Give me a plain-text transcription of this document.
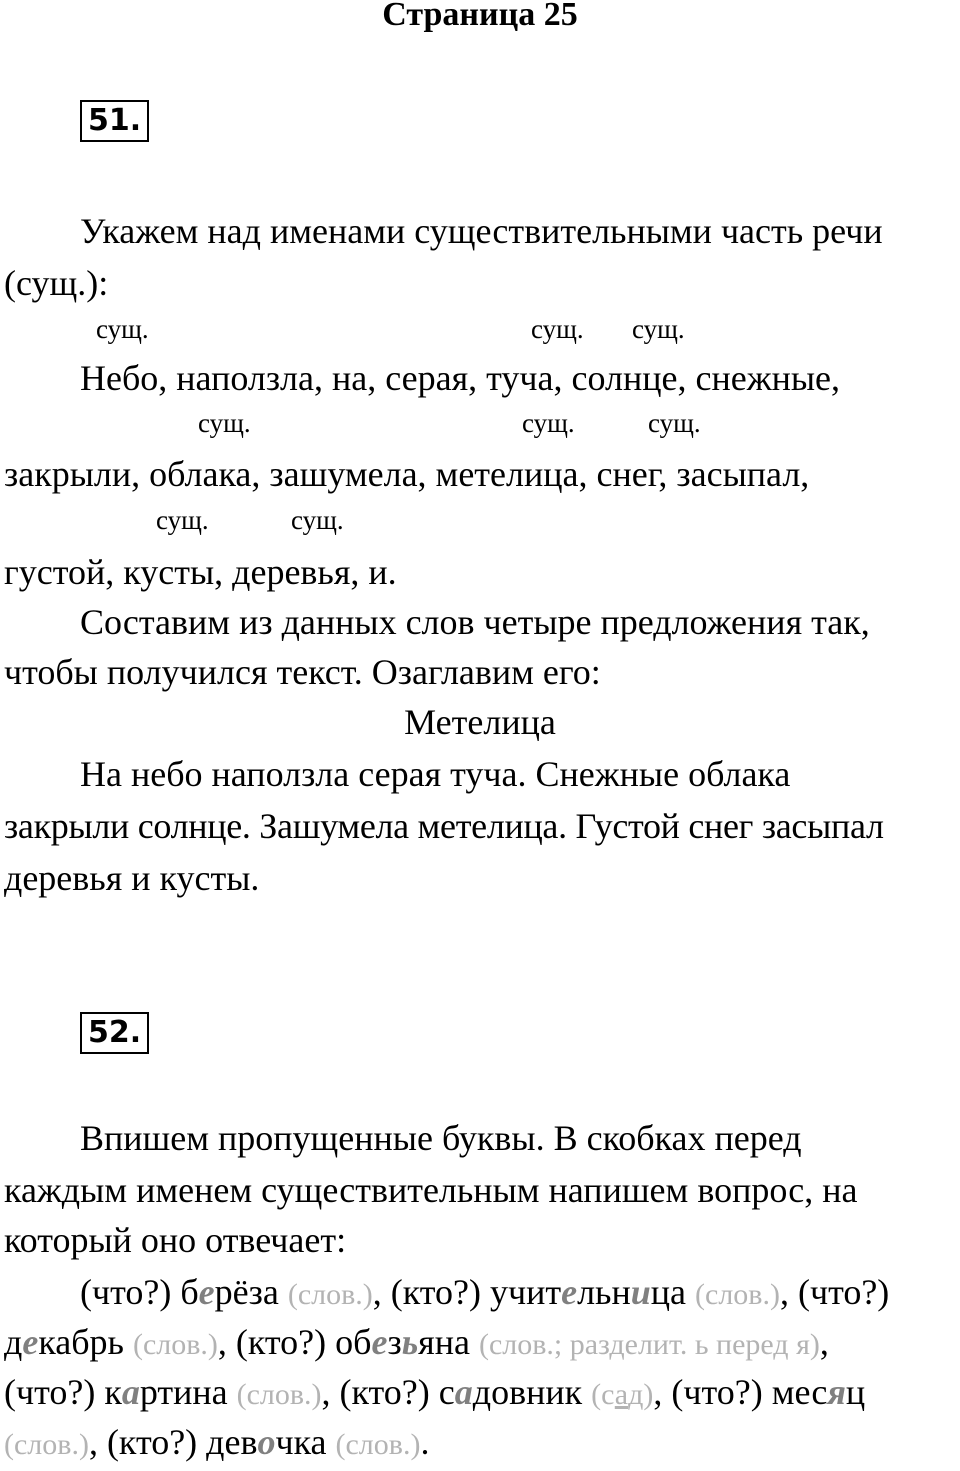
Страница 25
51.
Укажем над именами существительными часть речи
(сущ.):
сущ.	сущ. сущ.
Небо, наползла, на, серая, туча, солнце, снежные,
сущ.	сущ.	сущ.
закрыли, облака, зашумела, метелица, снег, засыпал,
сущ.	сущ.
густой, кусты, деревья, и.
Составим из данных слов четыре предложения так,
чтобы получился текст. Озаглавим его:
Метелица
На небо наползла серая туча. Снежные облака
закрыли солнце. Зашумела метелица. Густой снег засыпал
деревья и кусты.
52.
Впишем пропущенные буквы. В скобках перед
каждым именем существительным напишем вопрос, на
который оно отвечает:
(что?) берёза (слов.), (кто?) учительница (слов.), (что?)
декабрь (слов.), (кто?) обезьяна (слов.; разделит. ь перед я),
(что?) картина (слов.), (кто?) садовник (сад), (что?) месяц
(слов.), (кто?) девочка (слов.).
